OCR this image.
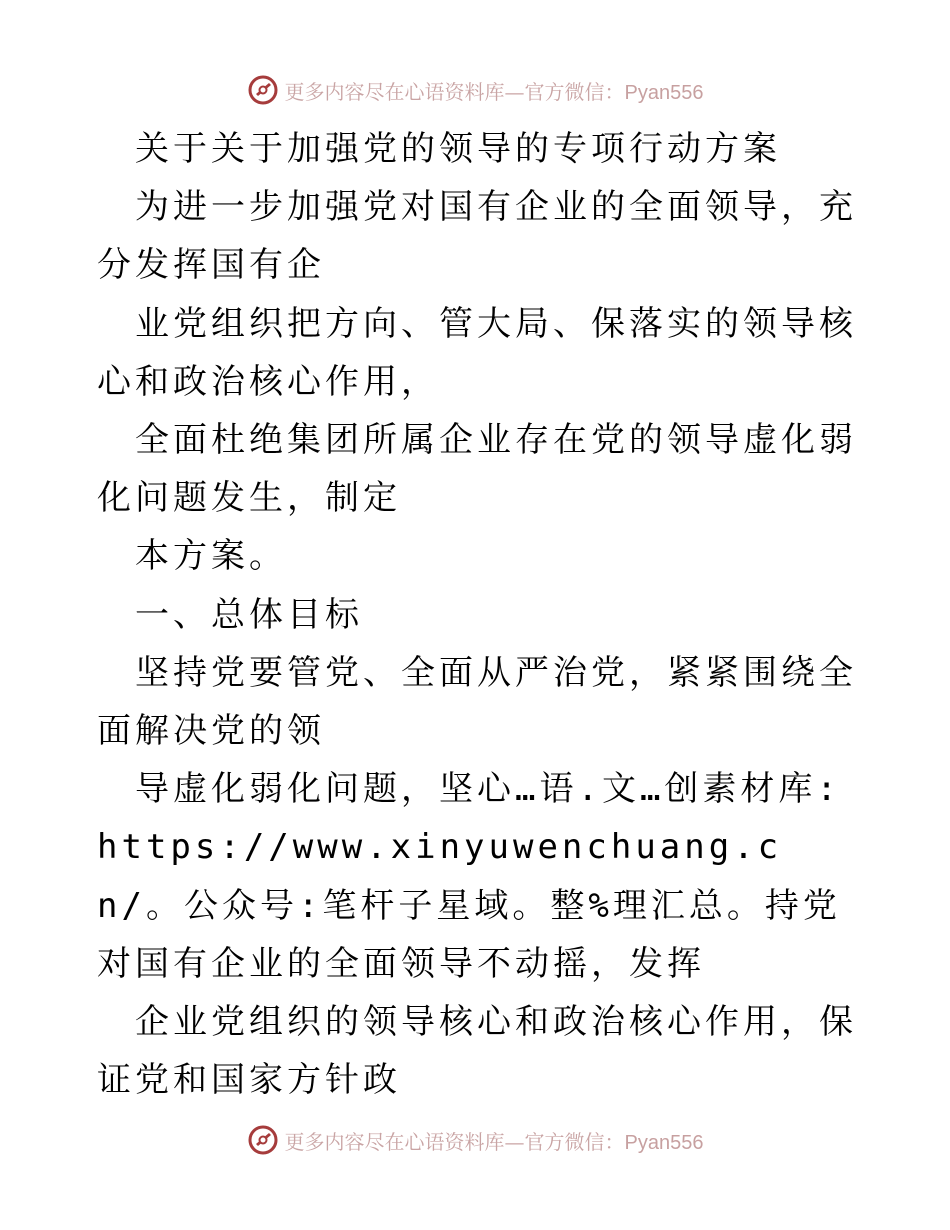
更多内容尽在心语资料库—官方微信：Pyan556

关于关于加强党的领导的专项行动方案

为进一步加强党对国有企业的全面领导，充分发挥国有企

业党组织把方向、管大局、保落实的领导核心和政治核心作用，

全面杜绝集团所属企业存在党的领导虚化弱化问题发生，制定

本方案。

一、总体目标

坚持党要管党、全面从严治党，紧紧围绕全面解决党的领

导虚化弱化问题，坚心…语.文…创素材库:https://www.xinyuwenchuang.cn/。公众号:笔杆子星域。整%理汇总。持党对国有企业的全面领导不动摇，发挥

企业党组织的领导核心和政治核心作用，保证党和国家方针政

更多内容尽在心语资料库—官方微信：Pyan556
